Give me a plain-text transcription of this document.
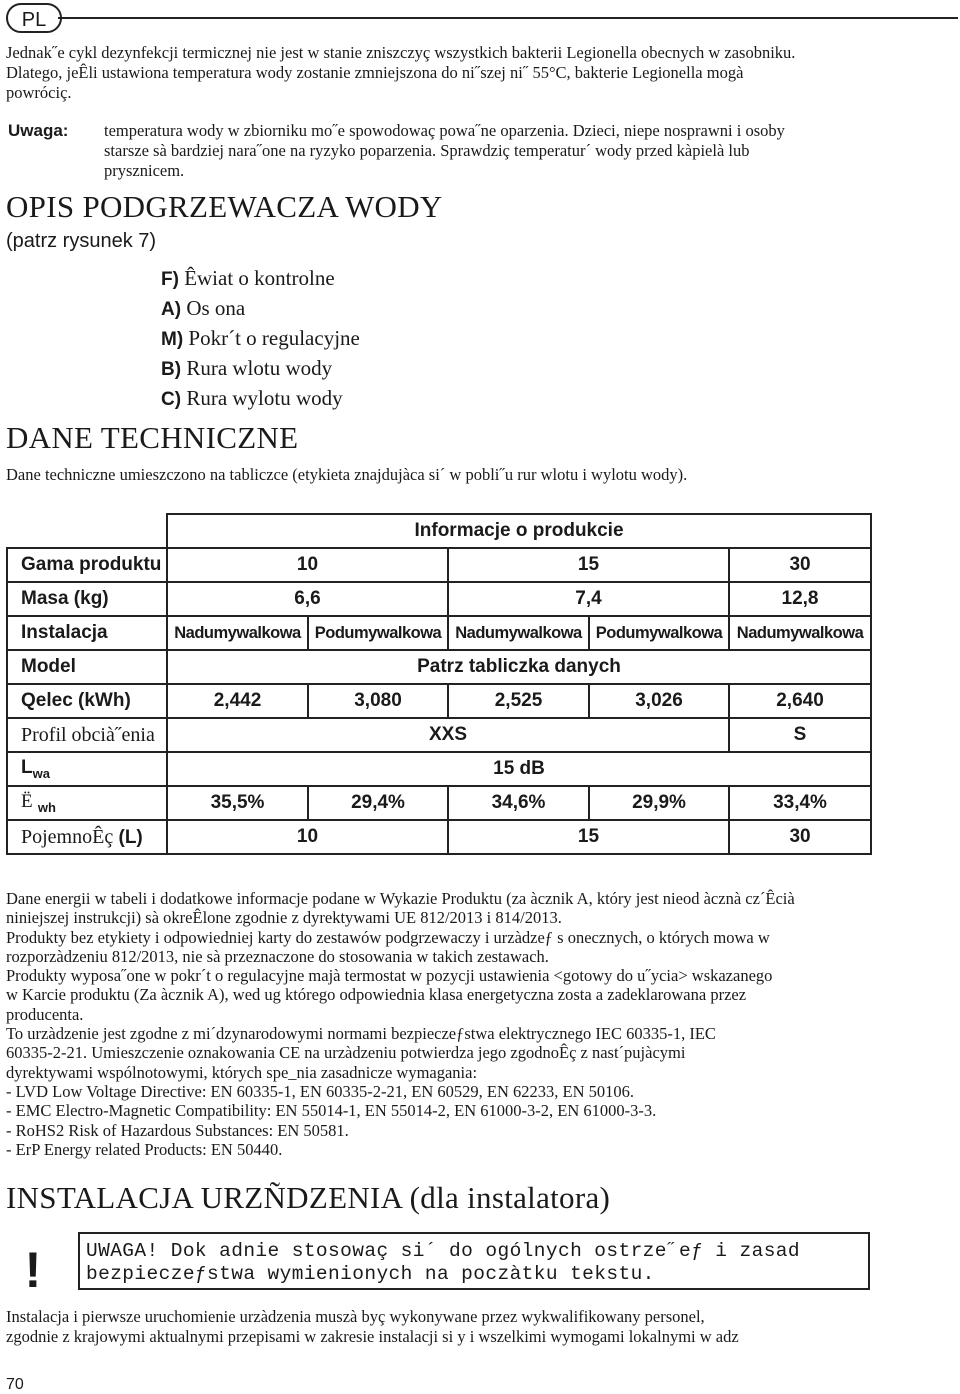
PL
Jednak˝e cykl dezynfekcji termicznej nie jest w stanie zniszczyç wszystkich bakterii Legionella obecnych w zasobniku.
Dlatego, jeÊli ustawiona temperatura wody zostanie zmniejszona do ni˝szej ni˝ 55°C, bakterie Legionella mogà
powróciç.
Uwaga: temperatura wody w zbiorniku mo˝e spowodowaç powa˝ne oparzenia. Dzieci, niepe nosprawni i osoby
starsze sà bardziej nara˝one na ryzyko poparzenia. Sprawdziç temperatur´ wody przed kàpielà lub
prysznicem.
OPIS PODGRZEWACZA WODY
(patrz rysunek 7)
F) Êwiat o kontrolne
A) Os ona
M) Pokr´t o regulacyjne
B) Rura wlotu wody
C) Rura wylotu wody
DANE TECHNICZNE
Dane techniczne umieszczono na tabliczce (etykieta znajdujàca si´ w pobli˝u rur wlotu i wylotu wody).
	Informacje o produkcie				
Gama produktu	10		15		30
Masa (kg)	6,6		7,4		12,8
Instalacja	Nadumywalkowa	Podumywalkowa	Nadumywalkowa	Podumywalkowa	Nadumywalkowa
Model	Patrz tabliczka danych				
Qelec (kWh)	2,442	3,080	2,525	3,026	2,640
Profil obcià˝enia	XXS				S
$L_{wa}$	15 dB				
Ë $_{wh}$	35,5%	29,4%	34,6%	29,9%	33,4%
PojemnoÊç (L)	10		15		30
Dane energii w tabeli i dodatkowe informacje podane w Wykazie Produktu (za àcznik A, który jest nieod àcznà cz´Êcià
niniejszej instrukcji) sà okreÊlone zgodnie z dyrektywami UE 812/2013 i 814/2013.
Produkty bez etykiety i odpowiedniej karty do zestawów podgrzewaczy i urzàdzeƒ s onecznych, o których mowa w
rozporzàdzeniu 812/2013, nie sà przeznaczone do stosowania w takich zestawach.
Produkty wyposa˝one w pokr´t o regulacyjne majà termostat w pozycji ustawienia <gotowy do u˝ycia> wskazanego
w Karcie produktu (Za àcznik A), wed ug którego odpowiednia klasa energetyczna zosta a zadeklarowana przez
producenta.
To urzàdzenie jest zgodne z mi´dzynarodowymi normami bezpieczeƒstwa elektrycznego IEC 60335-1, IEC
60335-2-21. Umieszczenie oznakowania CE na urzàdzeniu potwierdza jego zgodnoÊç z nast´pujàcymi
dyrektywami wspólnotowymi, których spe_nia zasadnicze wymagania:
- LVD Low Voltage Directive: EN 60335-1, EN 60335-2-21, EN 60529, EN 62233, EN 50106.
- EMC Electro-Magnetic Compatibility: EN 55014-1, EN 55014-2, EN 61000-3-2, EN 61000-3-3.
- RoHS2 Risk of Hazardous Substances: EN 50581.
- ErP Energy related Products: EN 50440.
INSTALACJA URZÑDZENIA (dla instalatora)
!	UWAGA! Dok adnie stosowaç si´ do ogólnych ostrze˝eƒ i zasad
bezpieczeƒstwa wymienionych na poczàtku tekstu.
Instalacja i pierwsze uruchomienie urzàdzenia muszà byç wykonywane przez wykwalifikowany personel,
zgodnie z krajowymi aktualnymi przepisami w zakresie instalacji si y i wszelkimi wymogami lokalnymi w adz
70
